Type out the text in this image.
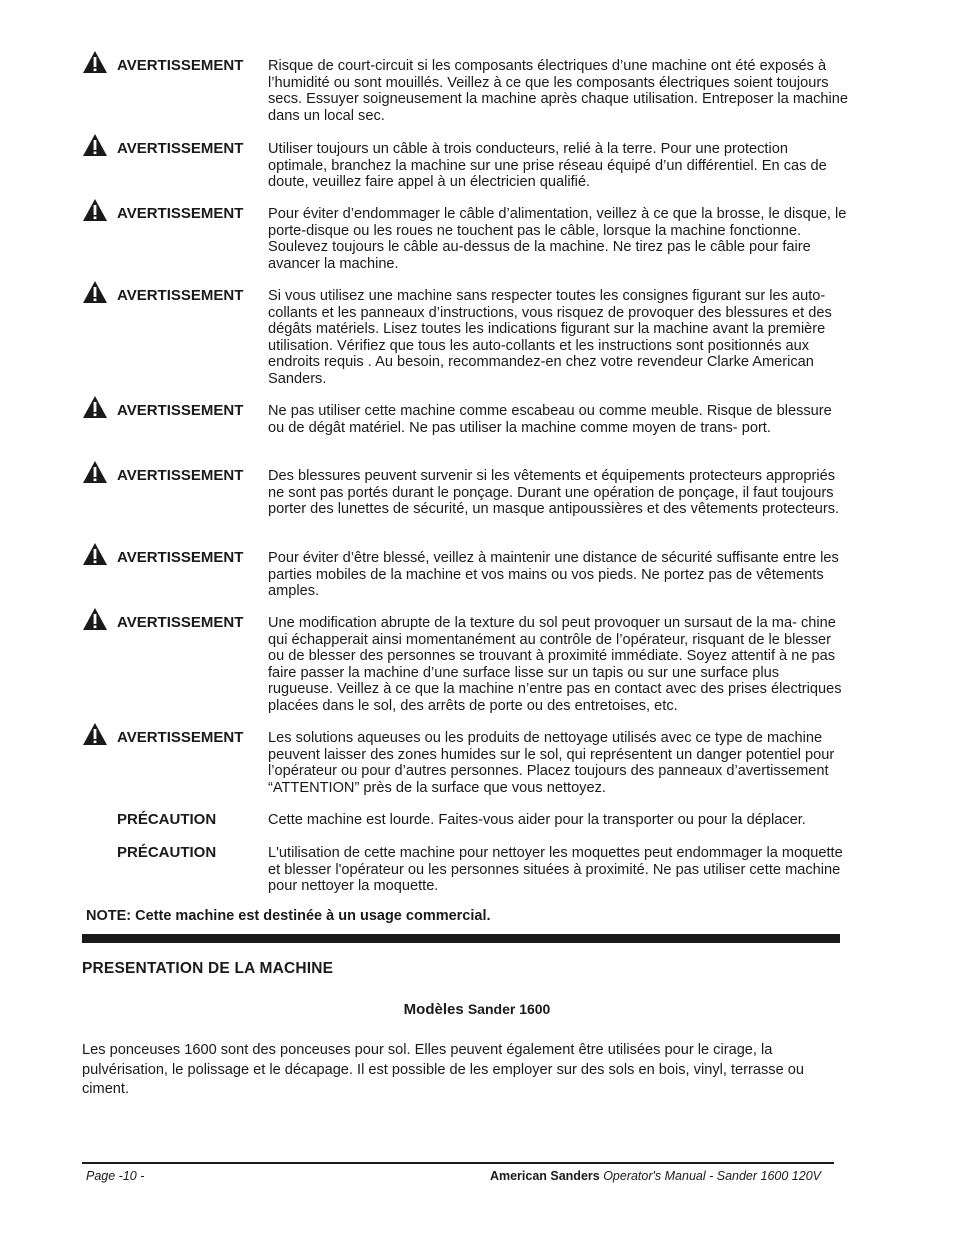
AVERTISSEMENT Risque de court-circuit si les composants électriques d’une machine ont été exposés à l’humidité ou sont mouillés. Veillez à ce que les composants électriques soient toujours secs. Essuyer soigneusement la machine après chaque utilisation. Entreposer la machine dans un local sec.
AVERTISSEMENT Utiliser toujours un câble à trois conducteurs, relié à la terre. Pour une protection optimale, branchez la machine sur une prise réseau équipé d’un différentiel. En cas de doute, veuillez faire appel à un électricien qualifié.
AVERTISSEMENT Pour éviter d’endommager le câble d’alimentation, veillez à ce que la brosse, le disque, le porte-disque ou les roues ne touchent pas le câble, lorsque la machine fonctionne. Soulevez toujours le câble au-dessus de la machine. Ne tirez pas le câble pour faire avancer la machine.
AVERTISSEMENT Si vous utilisez une machine sans respecter toutes les consignes figurant sur les auto-collants et les panneaux d’instructions, vous risquez de provoquer des blessures et des dégâts matériels. Lisez toutes les indications figurant sur la machine avant la première utilisation. Vérifiez que tous les auto-collants et les instructions sont positionnés aux endroits requis . Au besoin, recommandez-en chez votre revendeur Clarke American Sanders.
AVERTISSEMENT Ne pas utiliser cette machine comme escabeau ou comme meuble. Risque de blessure ou de dégât matériel. Ne pas utiliser la machine comme moyen de trans- port.
AVERTISSEMENT Des blessures peuvent survenir si les vêtements et équipements protecteurs appropriés ne sont pas portés durant le ponçage. Durant une opération de ponçage, il faut toujours porter des lunettes de sécurité, un masque antipoussières et des vêtements protecteurs.
AVERTISSEMENT Pour éviter d’être blessé, veillez à maintenir une distance de sécurité suffisante entre les parties mobiles de la machine et vos mains ou vos pieds. Ne portez pas de vêtements amples.
AVERTISSEMENT Une modification abrupte de la texture du sol peut provoquer un sursaut de la ma- chine qui échapperait ainsi momentanément au contrôle de l’opérateur, risquant de le blesser ou de blesser des personnes se trouvant à proximité immédiate. Soyez attentif à ne pas faire passer la machine d’une surface lisse sur un tapis ou sur une surface plus rugueuse. Veillez à ce que la machine n’entre pas en contact avec des prises électriques placées dans le sol, des arrêts de porte ou des entretoises, etc.
AVERTISSEMENT Les solutions aqueuses ou les produits de nettoyage utilisés avec ce type de machine peuvent laisser des zones humides sur le sol, qui représentent un danger potentiel pour l’opérateur ou pour d’autres personnes. Placez toujours des panneaux d’avertissement “ATTENTION” près de la surface que vous nettoyez.
PRÉCAUTION	Cette machine est lourde. Faites-vous aider pour la transporter ou pour la déplacer.
PRÉCAUTION	L'utilisation de cette machine pour nettoyer les moquettes peut endommager la moquette et blesser l'opérateur ou les personnes situées à proximité. Ne pas utiliser cette machine pour nettoyer la moquette.
NOTE: Cette machine est destinée à un usage commercial.
PRESENTATION DE LA MACHINE
Modèles Sander 1600
Les ponceuses 1600 sont des ponceuses pour sol. Elles peuvent également être utilisées pour le cirage, la pulvérisation, le polissage et le décapage. Il est possible de les employer sur des sols en bois, vinyl, terrasse ou ciment.
Page -10 -	American Sanders Operator's Manual - Sander 1600 120V
